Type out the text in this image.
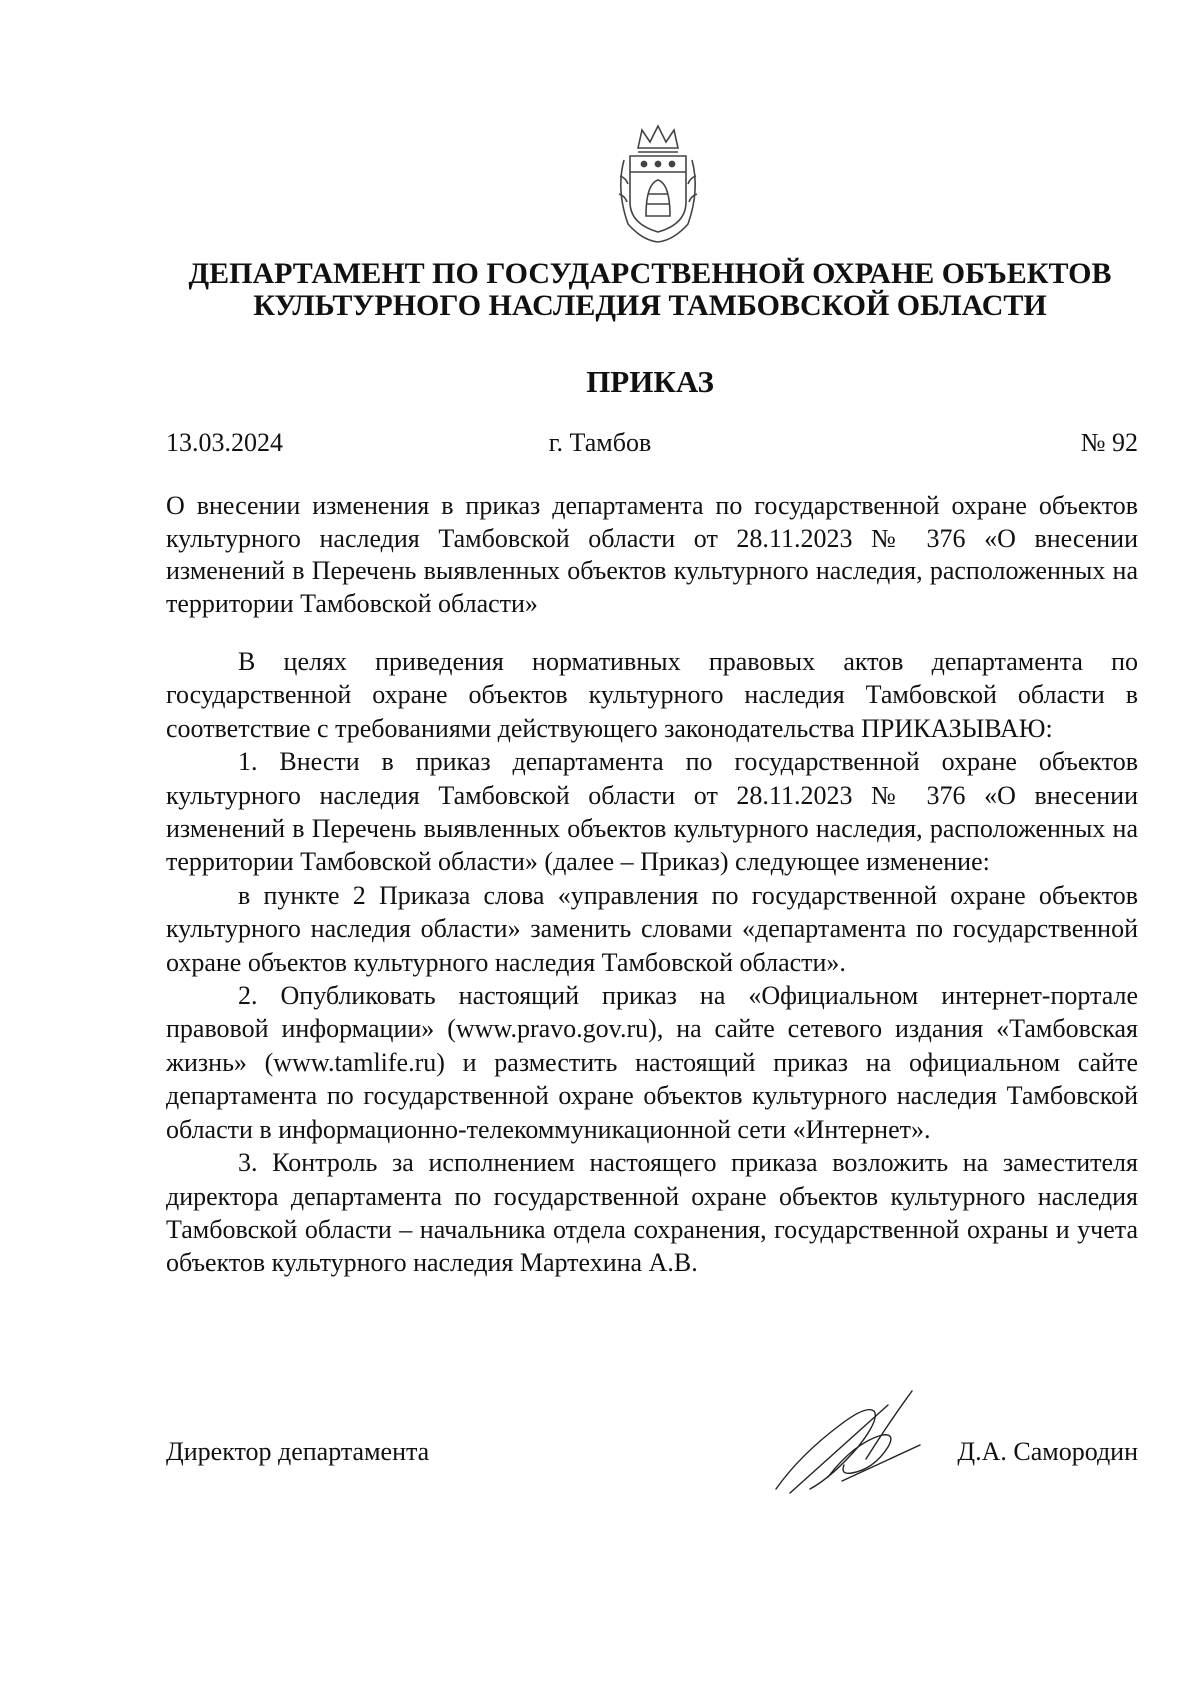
ДЕПАРТАМЕНТ ПО ГОСУДАРСТВЕННОЙ ОХРАНЕ ОБЪЕКТОВ
КУЛЬТУРНОГО НАСЛЕДИЯ ТАМБОВСКОЙ ОБЛАСТИ
ПРИКАЗ
13.03.2024	г. Тамбов	№ 92
О внесении изменения в приказ департамента по государственной охране объектов культурного наследия Тамбовской области от 28.11.2023 № 376 «О внесении изменений в Перечень выявленных объектов культурного наследия, расположенных на территории Тамбовской области»

В целях приведения нормативных правовых актов департамента по государственной охране объектов культурного наследия Тамбовской области в соответствие с требованиями действующего законодательства ПРИКАЗЫВАЮ:

1. Внести в приказ департамента по государственной охране объектов культурного наследия Тамбовской области от 28.11.2023 № 376 «О внесении изменений в Перечень выявленных объектов культурного наследия, расположенных на территории Тамбовской области» (далее – Приказ) следующее изменение:

в пункте 2 Приказа слова «управления по государственной охране объектов культурного наследия области» заменить словами «департамента по государственной охране объектов культурного наследия Тамбовской области».

2. Опубликовать настоящий приказ на «Официальном интернет-портале правовой информации» (www.pravo.gov.ru), на сайте сетевого издания «Тамбовская жизнь» (www.tamlife.ru) и разместить настоящий приказ на официальном сайте департамента по государственной охране объектов культурного наследия Тамбовской области в информационно-телекоммуникационной сети «Интернет».

3. Контроль за исполнением настоящего приказа возложить на заместителя директора департамента по государственной охране объектов культурного наследия Тамбовской области – начальника отдела сохранения, государственной охраны и учета объектов культурного наследия Мартехина А.В.

Директор департамента	Д.А. Самородин
